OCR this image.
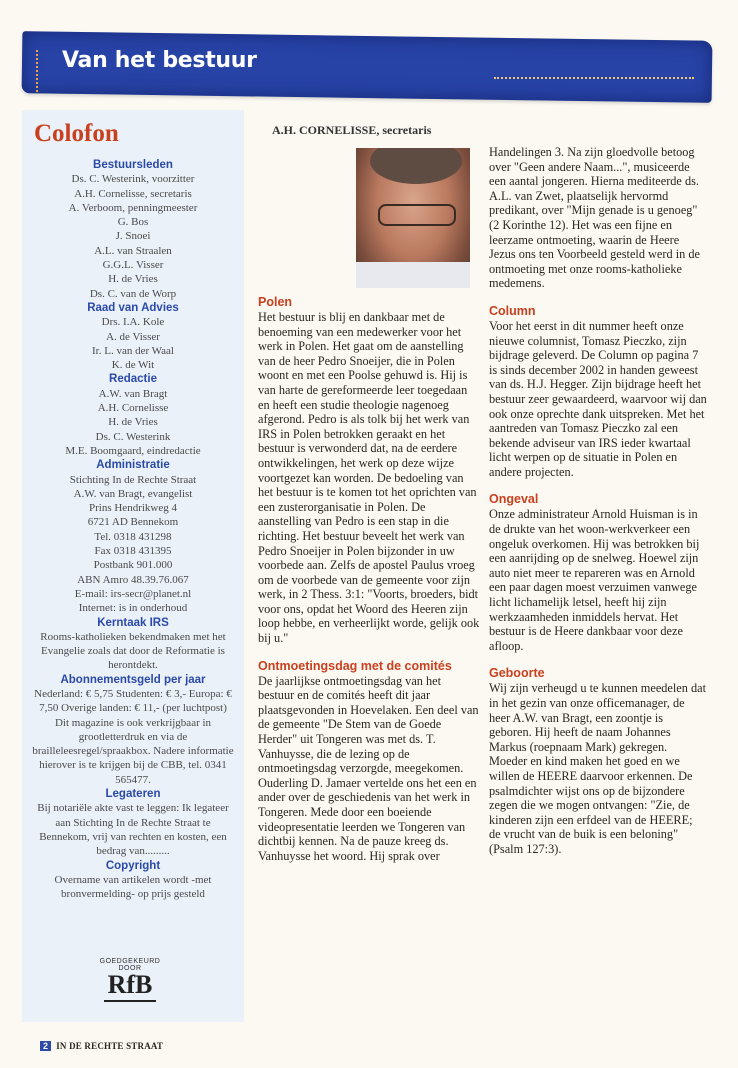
Van het bestuur
Colofon
Bestuursleden
Ds. C. Westerink, voorzitter
A.H. Cornelisse, secretaris
A. Verboom, penningmeester
G. Bos
J. Snoei
A.L. van Straalen
G.G.L. Visser
H. de Vries
Ds. C. van de Worp
Raad van Advies
Drs. I.A. Kole
A. de Visser
Ir. L. van der Waal
K. de Wit
Redactie
A.W. van Bragt
A.H. Cornelisse
H. de Vries
Ds. C. Westerink
M.E. Boomgaard, eindredactie
Administratie
Stichting In de Rechte Straat
A.W. van Bragt, evangelist
Prins Hendrikweg 4
6721 AD Bennekom
Tel. 0318 431298
Fax 0318 431395
Postbank 901.000
ABN Amro 48.39.76.067
E-mail: irs-secr@planet.nl
Internet: is in onderhoud
Kerntaak IRS
Rooms-katholieken bekendmaken met het Evangelie zoals dat door de Reformatie is herontdekt.
Abonnementsgeld per jaar
Nederland: € 5,75 Studenten: € 3,- Europa: € 7,50 Overige landen: € 11,- (per luchtpost) Dit magazine is ook verkrijgbaar in grootletterdruk en via de brailleleesregel/spraakbox. Nadere informatie hierover is te krijgen bij de CBB, tel. 0341 565477.
Legateren
Bij notariële akte vast te leggen: Ik legateer aan Stichting In de Rechte Straat te Bennekom, vrij van rechten en kosten, een bedrag van.........
Copyright
Overname van artikelen wordt -met bronvermelding- op prijs gesteld
GOEDGEKEURD DOOR
RfB
A.H. CORNELISSE, secretaris

Polen

Het bestuur is blij en dankbaar met de benoeming van een medewerker voor het werk in Polen. Het gaat om de aanstelling van de heer Pedro Snoeijer, die in Polen woont en met een Poolse gehuwd is. Hij is van harte de gereformeerde leer toegedaan en heeft een studie theologie nagenoeg afgerond. Pedro is als tolk bij het werk van IRS in Polen betrokken geraakt en het bestuur is verwonderd dat, na de eerdere ontwikkelingen, het werk op deze wijze voortgezet kan worden. De bedoeling van het bestuur is te komen tot het oprichten van een zusterorganisatie in Polen. De aanstelling van Pedro is een stap in die richting. Het bestuur beveelt het werk van Pedro Snoeijer in Polen bijzonder in uw voorbede aan. Zelfs de apostel Paulus vroeg om de voorbede van de gemeente voor zijn werk, in 2 Thess. 3:1: "Voorts, broeders, bidt voor ons, opdat het Woord des Heeren zijn loop hebbe, en verheerlijkt worde, gelijk ook bij u."

Ontmoetingsdag met de comités

De jaarlijkse ontmoetingsdag van het bestuur en de comités heeft dit jaar plaatsgevonden in Hoevelaken. Een deel van de gemeente "De Stem van de Goede Herder" uit Tongeren was met ds. T. Vanhuysse, die de lezing op de ontmoetingsdag verzorgde, meegekomen. Ouderling D. Jamaer vertelde ons het een en ander over de geschiedenis van het werk in Tongeren. Mede door een boeiende videopresentatie leerden we Tongeren van dichtbij kennen. Na de pauze kreeg ds. Vanhuysse het woord. Hij sprak over

Handelingen 3. Na zijn gloedvolle betoog over "Geen andere Naam...", musiceerde een aantal jongeren. Hierna mediteerde ds. A.L. van Zwet, plaatselijk hervormd predikant, over "Mijn genade is u genoeg" (2 Korinthe 12). Het was een fijne en leerzame ontmoeting, waarin de Heere Jezus ons ten Voorbeeld gesteld werd in de ontmoeting met onze rooms-katholieke medemens.

Column

Voor het eerst in dit nummer heeft onze nieuwe columnist, Tomasz Pieczko, zijn bijdrage geleverd. De Column op pagina 7 is sinds december 2002 in handen geweest van ds. H.J. Hegger. Zijn bijdrage heeft het bestuur zeer gewaardeerd, waarvoor wij dan ook onze oprechte dank uitspreken. Met het aantreden van Tomasz Pieczko zal een bekende adviseur van IRS ieder kwartaal licht werpen op de situatie in Polen en andere projecten.

Ongeval

Onze administrateur Arnold Huisman is in de drukte van het woon-werkverkeer een ongeluk overkomen. Hij was betrokken bij een aanrijding op de snelweg. Hoewel zijn auto niet meer te repareren was en Arnold een paar dagen moest verzuimen vanwege licht lichamelijk letsel, heeft hij zijn werkzaamheden inmiddels hervat. Het bestuur is de Heere dankbaar voor deze afloop.

Geboorte

Wij zijn verheugd u te kunnen meedelen dat in het gezin van onze officemanager, de heer A.W. van Bragt, een zoontje is geboren. Hij heeft de naam Johannes Markus (roepnaam Mark) gekregen. Moeder en kind maken het goed en we willen de HEERE daarvoor erkennen. De psalmdichter wijst ons op de bijzondere zegen die we mogen ontvangen: "Zie, de kinderen zijn een erfdeel van de HEERE; de vrucht van de buik is een beloning" (Psalm 127:3).

2 IN DE RECHTE STRAAT
